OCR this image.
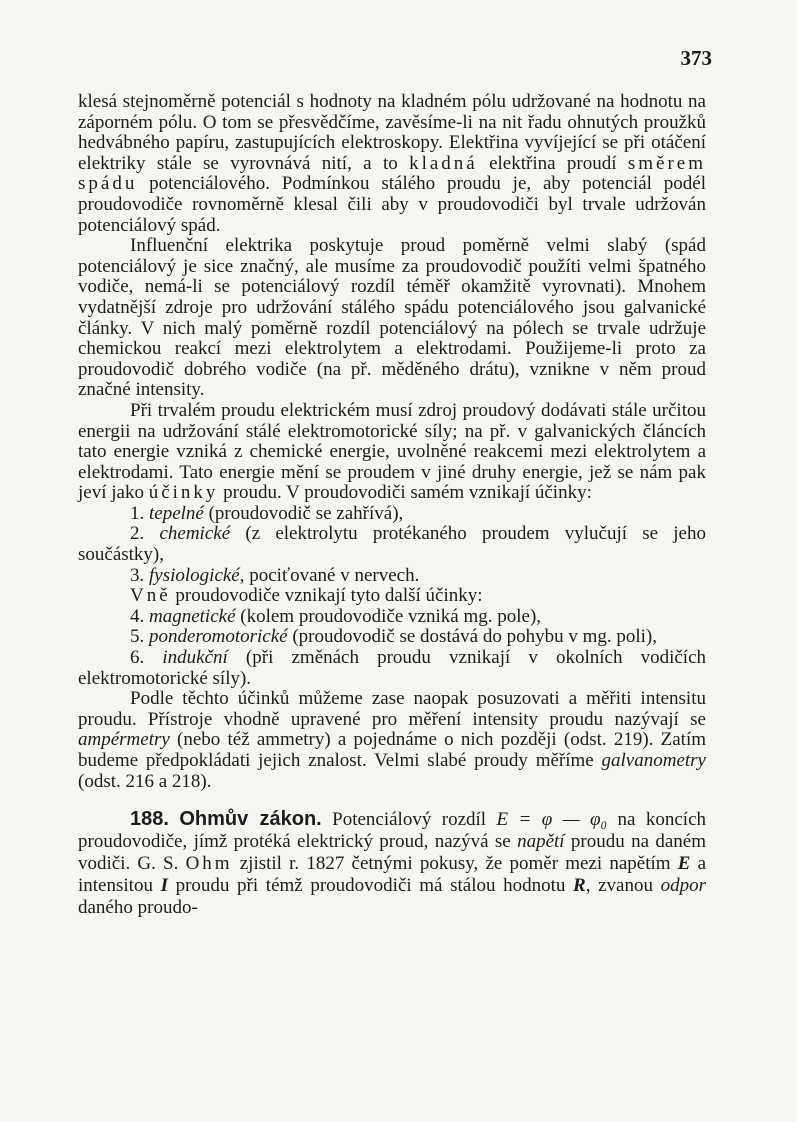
373

klesá stejnoměrně potenciál s hodnoty na kladném pólu udržované na hodnotu na záporném pólu. O tom se přesvědčíme, zavěsíme-li na nit řadu ohnutých proužků hedvábného papíru, zastupujících elektroskopy. Elektřina vyvíjející se při otáčení elektriky stále se vyrovnává nití, a to kladná elektřina proudí směrem spádu potenciálového. Podmínkou stálého proudu je, aby potenciál podél proudovodiče rovnoměrně klesal čili aby v proudovodiči byl trvale udržován potenciálový spád.

Influenční elektrika poskytuje proud poměrně velmi slabý (spád potenciálový je sice značný, ale musíme za proudovodič použíti velmi špatného vodiče, nemá-li se potenciálový rozdíl téměř okamžitě vyrovnati). Mnohem vydatnější zdroje pro udržování stálého spádu potenciálového jsou galvanické články. V nich malý poměrně rozdíl potenciálový na pólech se trvale udržuje chemickou reakcí mezi elektrolytem a elektrodami. Použijeme-li proto za proudovodič dobrého vodiče (na př. měděného drátu), vznikne v něm proud značné intensity.

Při trvalém proudu elektrickém musí zdroj proudový dodávati stále určitou energii na udržování stálé elektromotorické síly; na př. v galvanických článcích tato energie vzniká z chemické energie, uvolněné reakcemi mezi elektrolytem a elektrodami. Tato energie mění se proudem v jiné druhy energie, jež se nám pak jeví jako účinky proudu. V proudovodiči samém vznikají účinky:

1. tepelné (proudovodič se zahřívá),

2. chemické (z elektrolytu protékaného proudem vylučují se jeho součástky),

3. fysiologické, pociťované v nervech.

Vně proudovodiče vznikají tyto další účinky:

4. magnetické (kolem proudovodiče vzniká mg. pole),

5. ponderomotorické (proudovodič se dostává do pohybu v mg. poli),

6. indukční (při změnách proudu vznikají v okolních vodičích elektromotorické síly).

Podle těchto účinků můžeme zase naopak posuzovati a měřiti intensitu proudu. Přístroje vhodně upravené pro měření intensity proudu nazývají se ampérmetry (nebo též ammetry) a pojednáme o nich později (odst. 219). Zatím budeme předpokládati jejich znalost. Velmi slabé proudy měříme galvanometry (odst. 216 a 218).

188. Ohmův zákon. Potenciálový rozdíl E = φ — φ₀ na koncích proudovodiče, jímž protéká elektrický proud, nazývá se napětí proudu na daném vodiči. G. S. Ohm zjistil r. 1827 četnými pokusy, že poměr mezi napětím E a intensitou I proudu při témž proudovodiči má stálou hodnotu R, zvanou odpor daného proudo-
